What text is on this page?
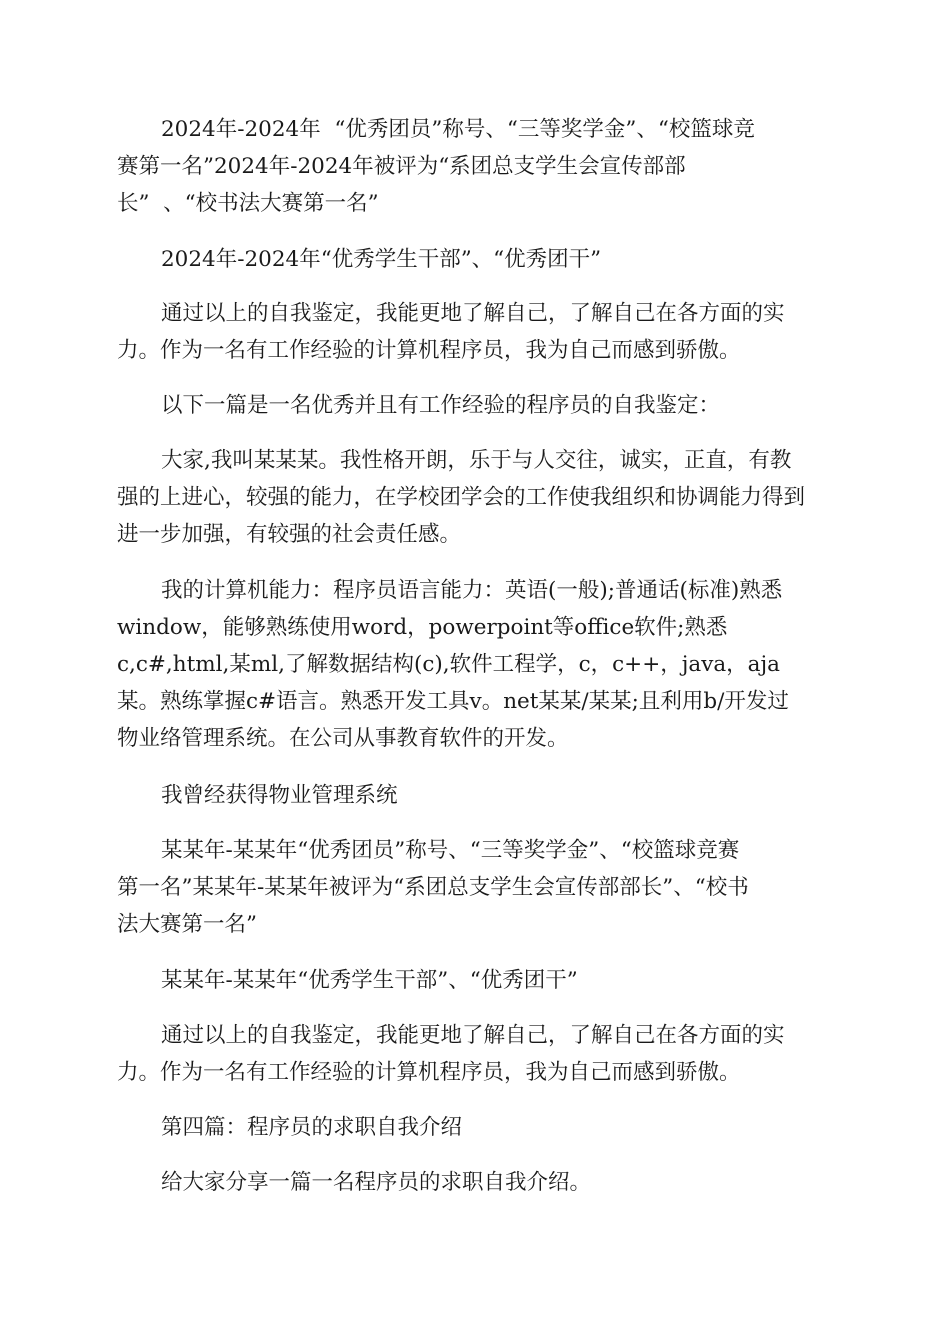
2024年-2024年  “优秀团员”称号、“三等奖学金”、“校篮球竞
赛第一名”2024年-2024年被评为“系团总支学生会宣传部部
长”  、“校书法大赛第一名”

2024年-2024年“优秀学生干部”、“优秀团干”

通过以上的自我鉴定，我能更地了解自己，了解自己在各方面的实
力。作为一名有工作经验的计算机程序员，我为自己而感到骄傲。

以下一篇是一名优秀并且有工作经验的程序员的自我鉴定：

大家,我叫某某某。我性格开朗，乐于与人交往，诚实，正直，有教
强的上进心，较强的能力，在学校团学会的工作使我组织和协调能力得到
进一步加强，有较强的社会责任感。

我的计算机能力：程序员语言能力：英语(一般);普通话(标准)熟悉
window，能够熟练使用word，powerpoint等office软件;熟悉
c,c#,html,某ml,了解数据结构(c),软件工程学，c，c++，java，aja
某。熟练掌握c#语言。熟悉开发工具v。net某某/某某;且利用b/开发过
物业络管理系统。在公司从事教育软件的开发。

我曾经获得物业管理系统

某某年-某某年“优秀团员”称号、“三等奖学金”、“校篮球竞赛
第一名”某某年-某某年被评为“系团总支学生会宣传部部长”、“校书
法大赛第一名”

某某年-某某年“优秀学生干部”、“优秀团干”

通过以上的自我鉴定，我能更地了解自己，了解自己在各方面的实
力。作为一名有工作经验的计算机程序员，我为自己而感到骄傲。

第四篇：程序员的求职自我介绍

给大家分享一篇一名程序员的求职自我介绍。
